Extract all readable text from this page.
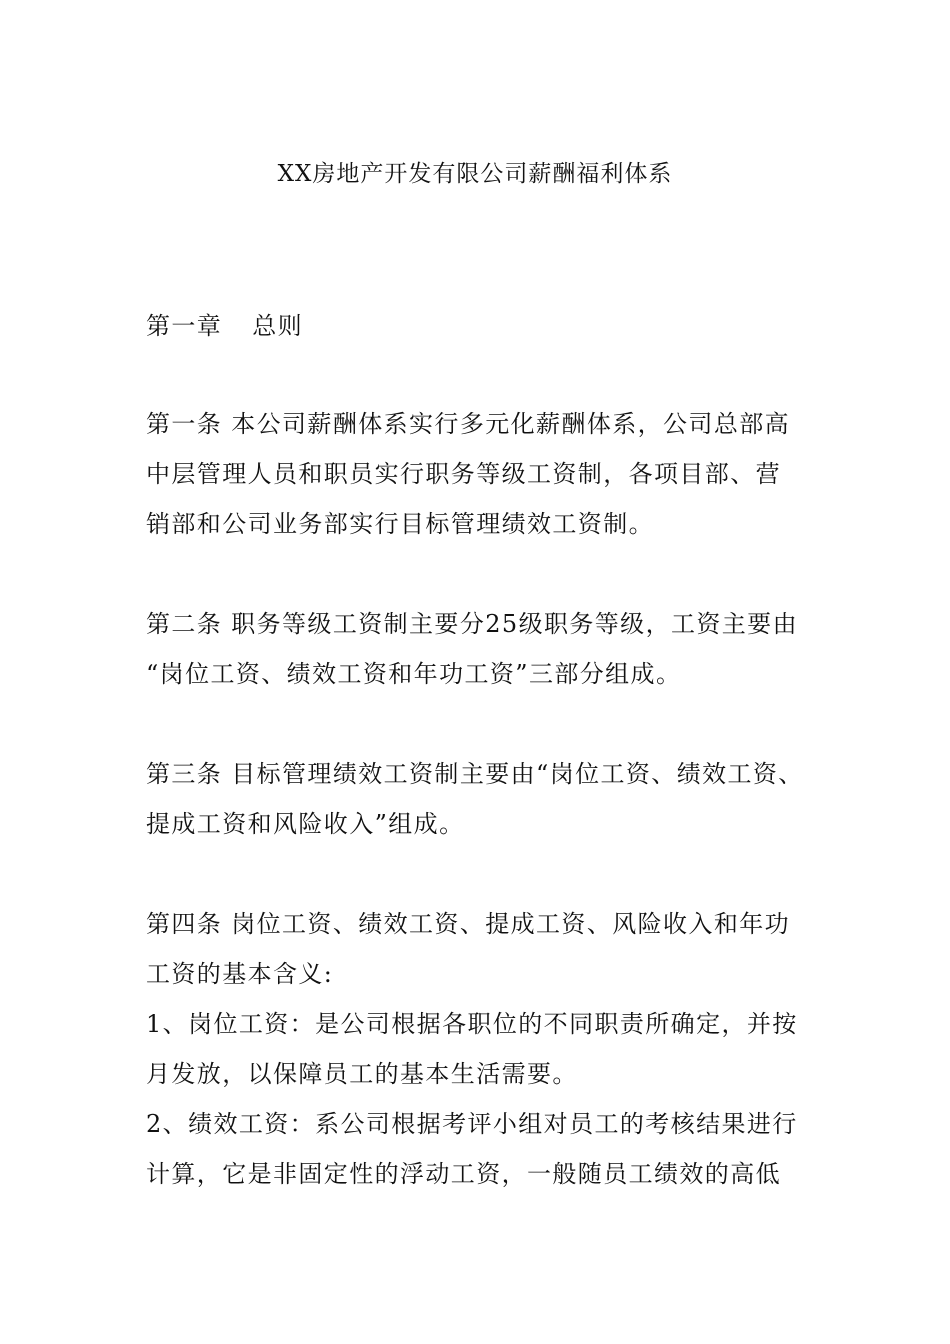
XX房地产开发有限公司薪酬福利体系
第一章 总则
第一条 本公司薪酬体系实行多元化薪酬体系，公司总部高
中层管理人员和职员实行职务等级工资制，各项目部、营
销部和公司业务部实行目标管理绩效工资制。
第二条 职务等级工资制主要分25级职务等级，工资主要由
“岗位工资、绩效工资和年功工资”三部分组成。
第三条 目标管理绩效工资制主要由“岗位工资、绩效工资、
提成工资和风险收入”组成。
第四条 岗位工资、绩效工资、提成工资、风险收入和年功
工资的基本含义:
1、岗位工资：是公司根据各职位的不同职责所确定，并按
月发放，以保障员工的基本生活需要。
2、绩效工资：系公司根据考评小组对员工的考核结果进行
计算，它是非固定性的浮动工资，一般随员工绩效的高低
